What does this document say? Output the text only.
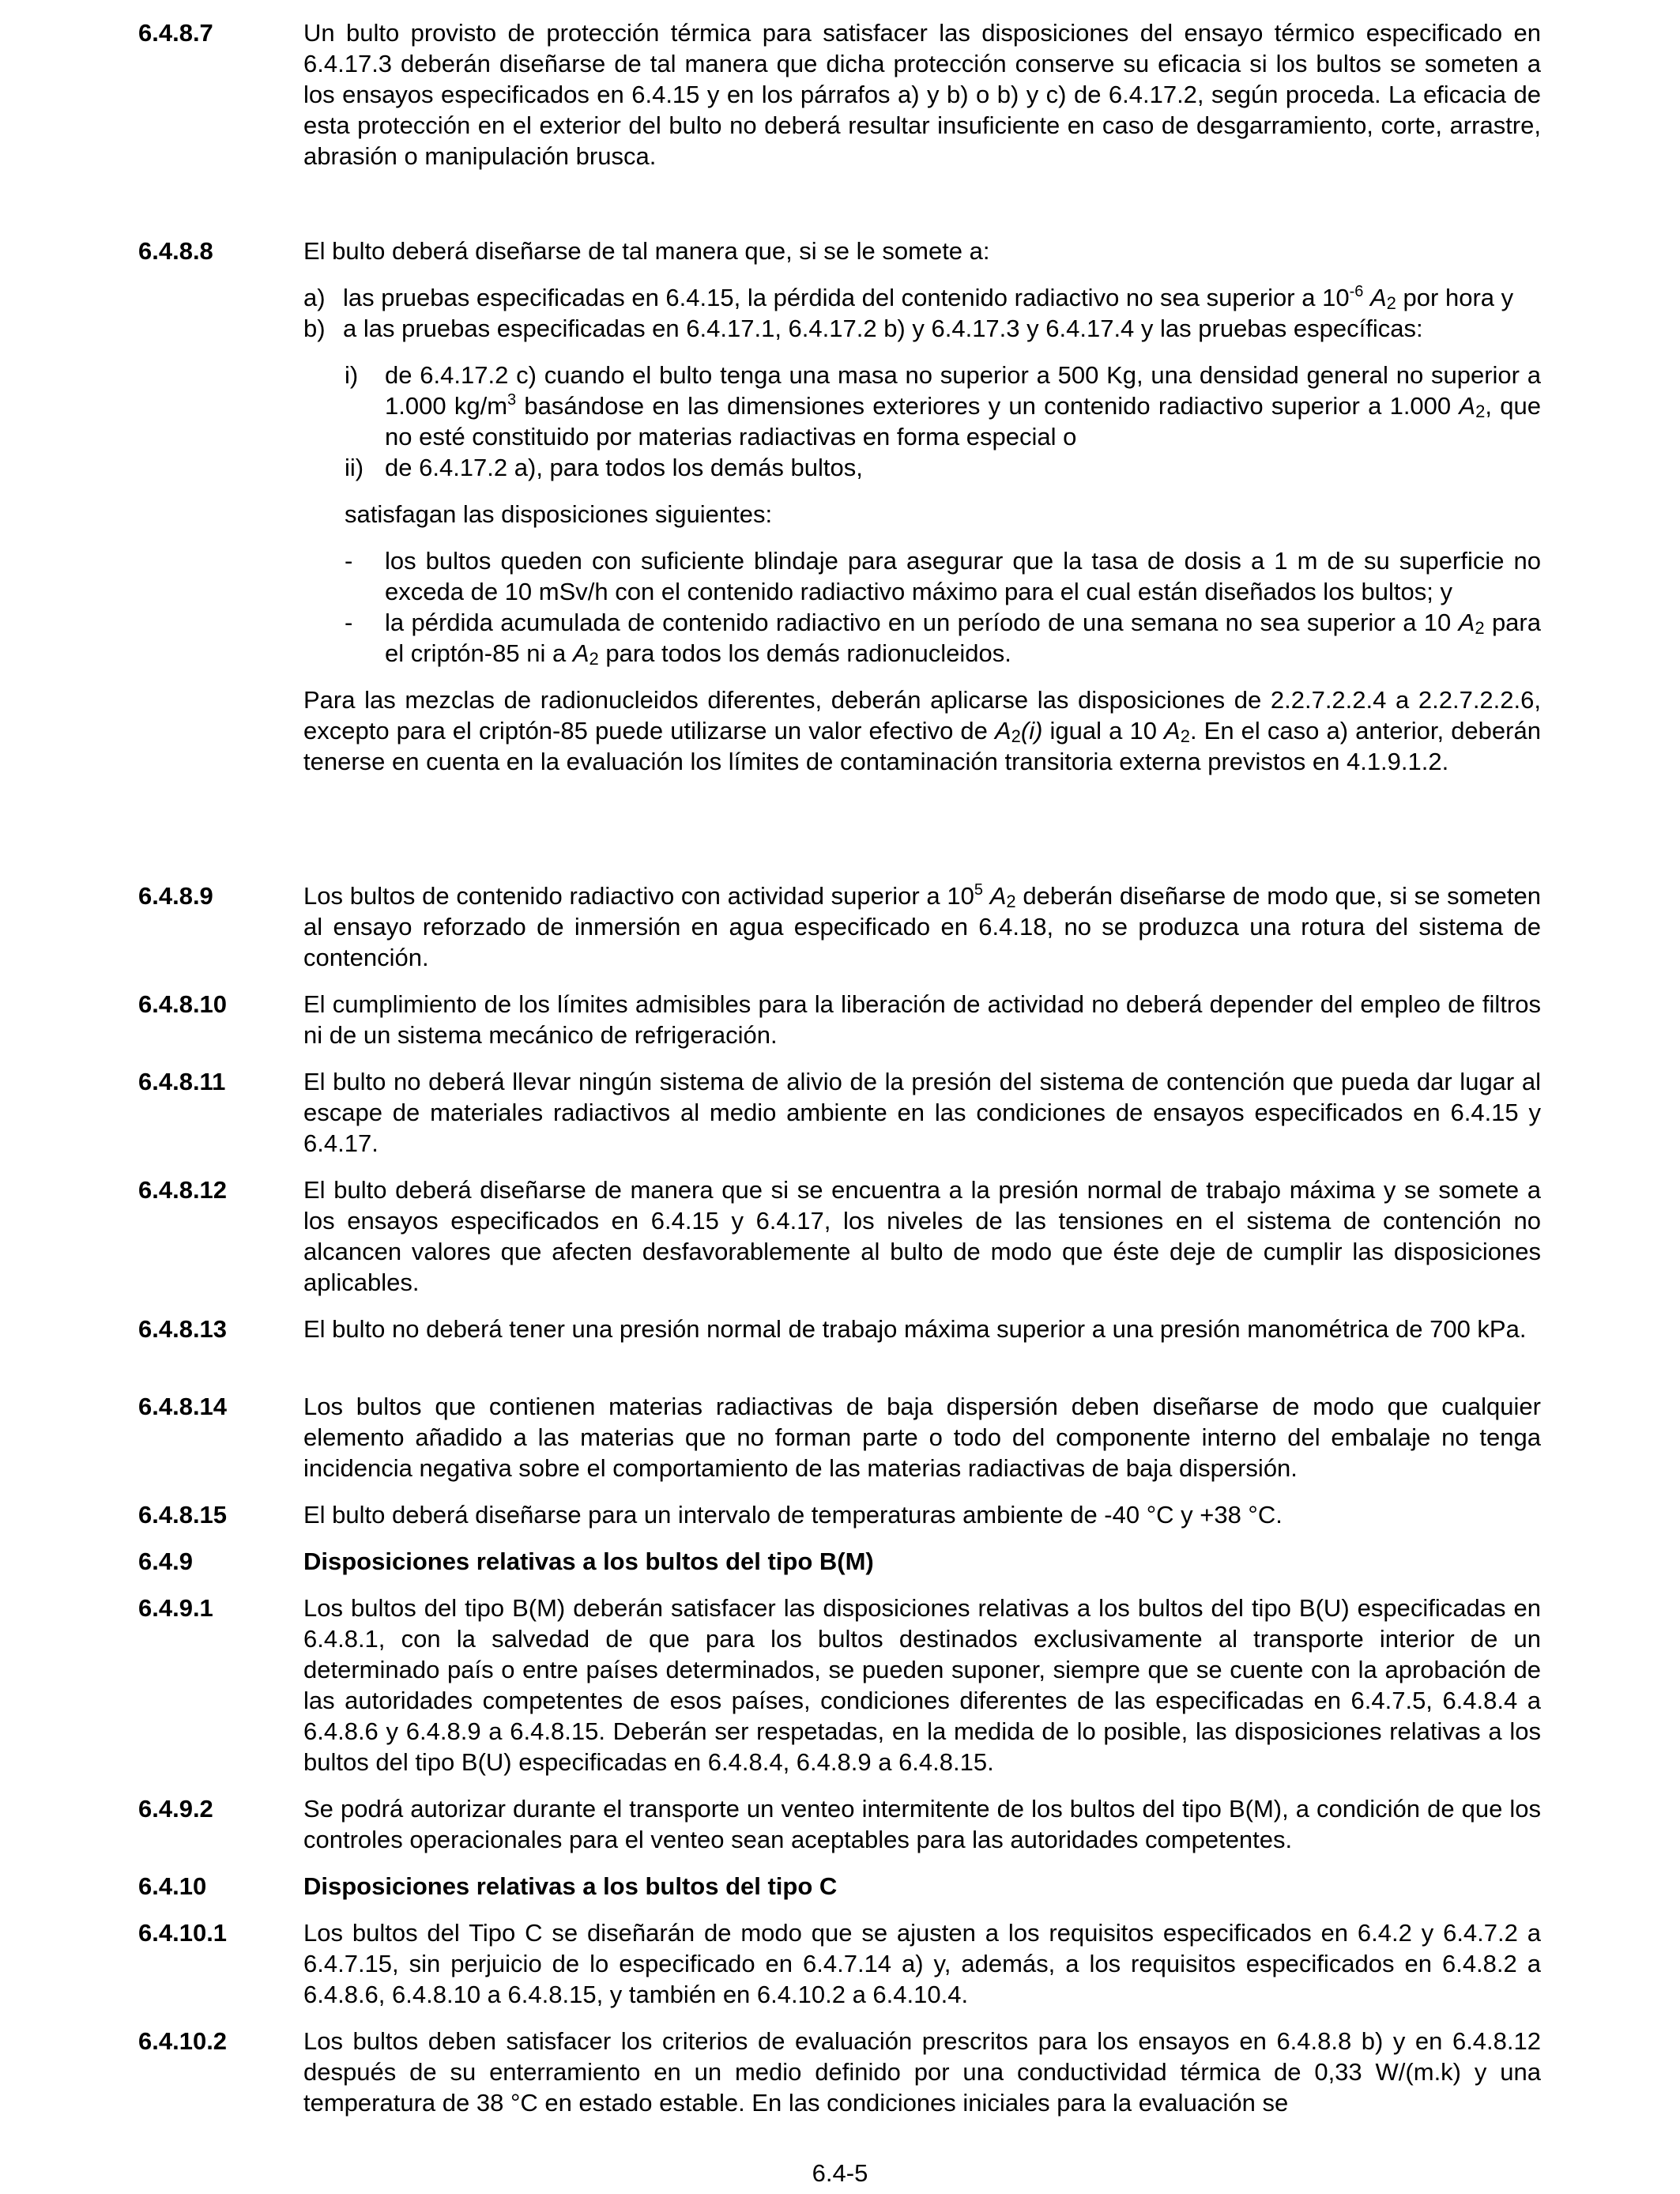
6.4.8.7	Un bulto provisto de protección térmica para satisfacer las disposiciones del ensayo térmico especificado en 6.4.17.3 deberán diseñarse de tal manera que dicha protección conserve su eficacia si los bultos se someten a los ensayos especificados en 6.4.15 y en los párrafos a) y b) o b) y c) de 6.4.17.2, según proceda. La eficacia de esta protección en el exterior del bulto no deberá resultar insuficiente en caso de desgarramiento, corte, arrastre, abrasión o manipulación brusca.

6.4.8.8	El bulto deberá diseñarse de tal manera que, si se le somete a:

a) las pruebas especificadas en 6.4.15, la pérdida del contenido radiactivo no sea superior a $10^{-6}$ $A_2$ por hora y

b) a las pruebas especificadas en 6.4.17.1, 6.4.17.2 b) y 6.4.17.3 y 6.4.17.4 y las pruebas específicas:

i) de 6.4.17.2 c) cuando el bulto tenga una masa no superior a 500 Kg, una densidad general no superior a 1.000 $kg/m^3$ basándose en las dimensiones exteriores y un contenido radiactivo superior a 1.000 $A_2$, que no esté constituido por materias radiactivas en forma especial o

ii) de 6.4.17.2 a), para todos los demás bultos,

satisfagan las disposiciones siguientes:

- los bultos queden con suficiente blindaje para asegurar que la tasa de dosis a 1 m de su superficie no exceda de 10 mSv/h con el contenido radiactivo máximo para el cual están diseñados los bultos; y

- la pérdida acumulada de contenido radiactivo en un período de una semana no sea superior a 10 $A_2$ para el criptón-85 ni a $A_2$ para todos los demás radionucleidos.

Para las mezclas de radionucleidos diferentes, deberán aplicarse las disposiciones de 2.2.7.2.2.4 a 2.2.7.2.2.6, excepto para el criptón-85 puede utilizarse un valor efectivo de $A_2(i)$ igual a 10 $A_2$. En el caso a) anterior, deberán tenerse en cuenta en la evaluación los límites de contaminación transitoria externa previstos en 4.1.9.1.2.

6.4.8.9	Los bultos de contenido radiactivo con actividad superior a $10^5$ $A_2$ deberán diseñarse de modo que, si se someten al ensayo reforzado de inmersión en agua especificado en 6.4.18, no se produzca una rotura del sistema de contención.

6.4.8.10	El cumplimiento de los límites admisibles para la liberación de actividad no deberá depender del empleo de filtros ni de un sistema mecánico de refrigeración.

6.4.8.11	El bulto no deberá llevar ningún sistema de alivio de la presión del sistema de contención que pueda dar lugar al escape de materiales radiactivos al medio ambiente en las condiciones de ensayos especificados en 6.4.15 y 6.4.17.

6.4.8.12	El bulto deberá diseñarse de manera que si se encuentra a la presión normal de trabajo máxima y se somete a los ensayos especificados en 6.4.15 y 6.4.17, los niveles de las tensiones en el sistema de contención no alcancen valores que afecten desfavorablemente al bulto de modo que éste deje de cumplir las disposiciones aplicables.

6.4.8.13	El bulto no deberá tener una presión normal de trabajo máxima superior a una presión manométrica de 700 kPa.

6.4.8.14	Los bultos que contienen materias radiactivas de baja dispersión deben diseñarse de modo que cualquier elemento añadido a las materias que no forman parte o todo del componente interno del embalaje no tenga incidencia negativa sobre el comportamiento de las materias radiactivas de baja dispersión.

6.4.8.15	El bulto deberá diseñarse para un intervalo de temperaturas ambiente de -40 °C y +38 °C.

6.4.9	Disposiciones relativas a los bultos del tipo B(M)
6.4.9.1	Los bultos del tipo B(M) deberán satisfacer las disposiciones relativas a los bultos del tipo B(U) especificadas en 6.4.8.1, con la salvedad de que para los bultos destinados exclusivamente al transporte interior de un determinado país o entre países determinados, se pueden suponer, siempre que se cuente con la aprobación de las autoridades competentes de esos países, condiciones diferentes de las especificadas en 6.4.7.5, 6.4.8.4 a 6.4.8.6 y 6.4.8.9 a 6.4.8.15. Deberán ser respetadas, en la medida de lo posible, las disposiciones relativas a los bultos del tipo B(U) especificadas en 6.4.8.4, 6.4.8.9 a 6.4.8.15.

6.4.9.2	Se podrá autorizar durante el transporte un venteo intermitente de los bultos del tipo B(M), a condición de que los controles operacionales para el venteo sean aceptables para las autoridades competentes.

6.4.10	Disposiciones relativas a los bultos del tipo C
6.4.10.1	Los bultos del Tipo C se diseñarán de modo que se ajusten a los requisitos especificados en 6.4.2 y 6.4.7.2 a 6.4.7.15, sin perjuicio de lo especificado en 6.4.7.14 a) y, además, a los requisitos especificados en 6.4.8.2 a 6.4.8.6, 6.4.8.10 a 6.4.8.15, y también en 6.4.10.2 a 6.4.10.4.

6.4.10.2	Los bultos deben satisfacer los criterios de evaluación prescritos para los ensayos en 6.4.8.8 b) y en 6.4.8.12 después de su enterramiento en un medio definido por una conductividad térmica de 0,33 W/(m.k) y una temperatura de 38 °C en estado estable. En las condiciones iniciales para la evaluación se

6.4-5
